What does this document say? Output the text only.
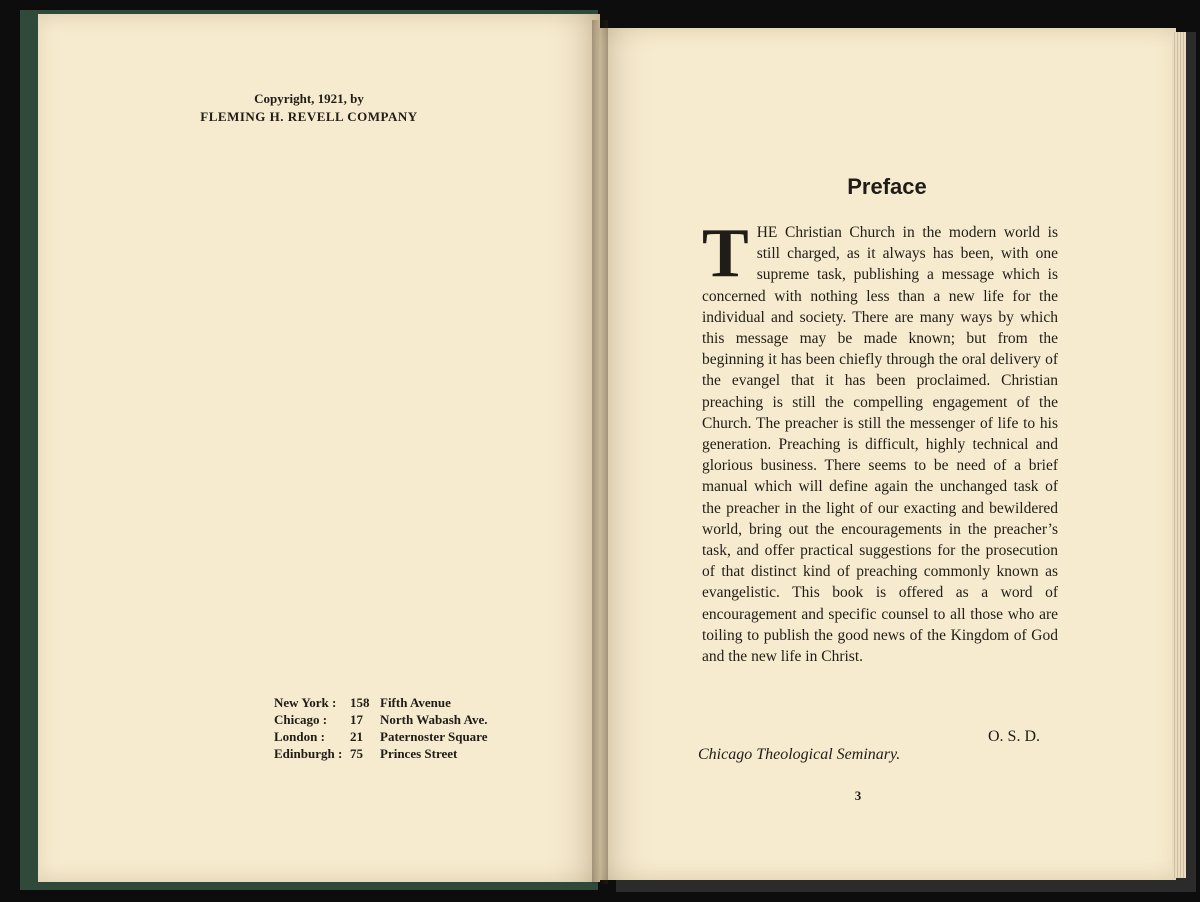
Copyright, 1921, by
FLEMING H. REVELL COMPANY
New York :	158 Fifth Avenue
Chicago :	17	North Wabash Ave.
London :	21	Paternoster Square
Edinburgh : 75	Princes Street
Preface
T HE Christian Church in the modern world is still charged, as it always has been, with one supreme task, publishing a message which is concerned with nothing less than a new life for the individual and society. There are many ways by which this message may be made known; but from the beginning it has been chiefly through the oral delivery of the evangel that it has been proclaimed. Christian preaching is still the compelling engagement of the Church. The preacher is still the messenger of life to his generation. Preaching is difficult, highly technical and glorious business. There seems to be need of a brief manual which will define again the unchanged task of the preacher in the light of our exacting and bewildered world, bring out the encouragements in the preacher’s task, and offer practical suggestions for the prosecution of that distinct kind of preaching commonly known as evangelistic. This book is offered as a word of encouragement and specific counsel to all those who are toiling to publish the good news of the Kingdom of God and the new life in Christ.
O. S. D.
Chicago Theological Seminary.
3
